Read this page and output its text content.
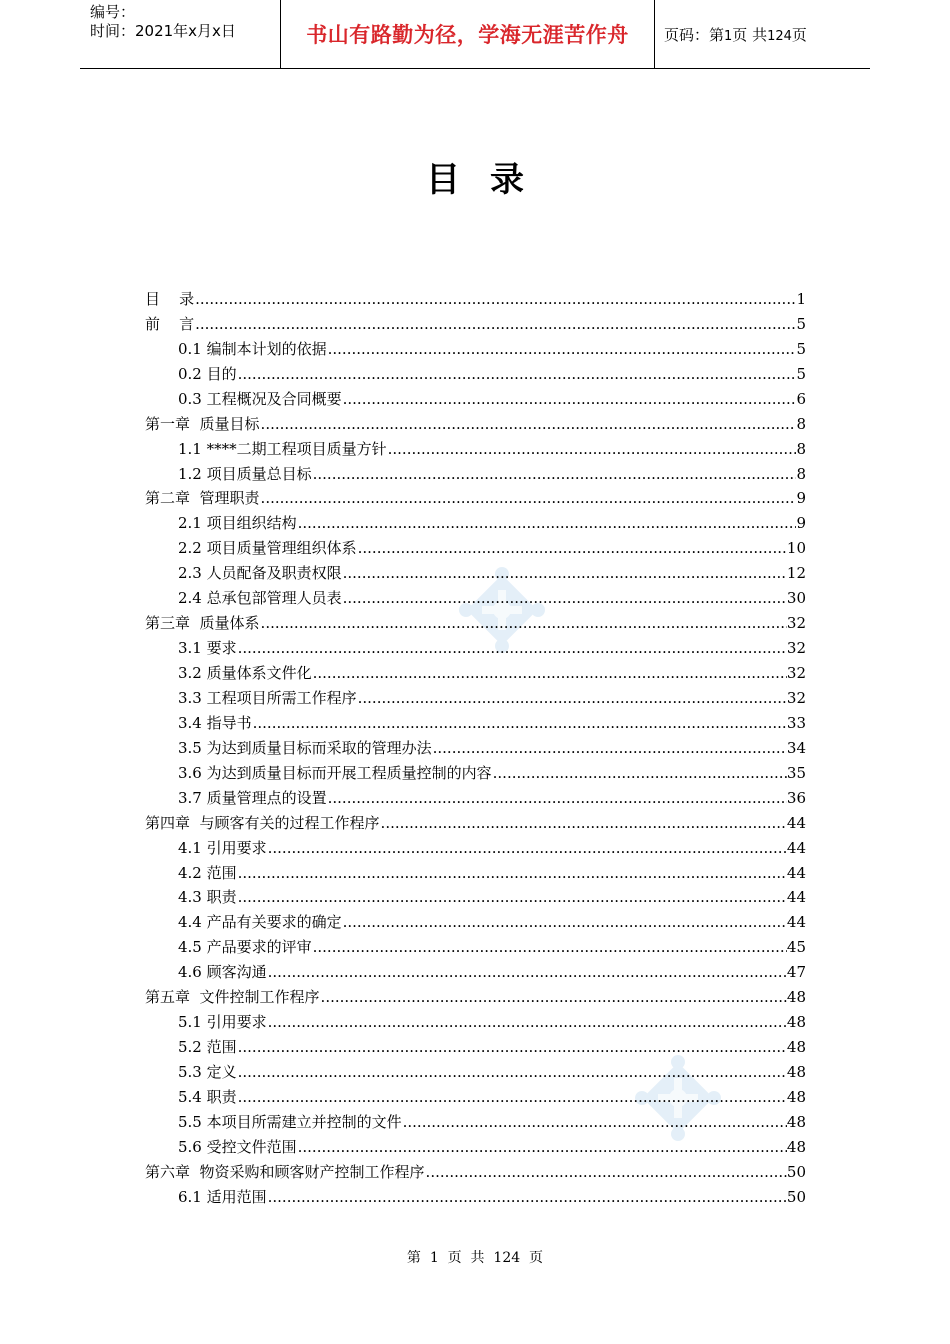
编号：
时间：2021年x月x日	书山有路勤为径，学海无涯苦作舟 页码：第1页 共124页
目录
目    录 .....	1
前    言 .....	5
0.1 编制本计划的依据 .....	5
0.2 目的 .....	5
0.3 工程概况及合同概要 .....	6
第一章  质量目标 .....	8
1.1 ****二期工程项目质量方针 .....	8
1.2 项目质量总目标 .....	8
第二章  管理职责 .....	9
2.1 项目组织结构 .....	9
2.2 项目质量管理组织体系 .....	10
2.3 人员配备及职责权限 .....	12
2.4 总承包部管理人员表 .....	30
第三章  质量体系 .....	32
3.1 要求 .....	32
3.2 质量体系文件化 .....	32
3.3 工程项目所需工作程序 .....	32
3.4 指导书 .....	33
3.5 为达到质量目标而采取的管理办法 .....	34
3.6 为达到质量目标而开展工程质量控制的内容 .....	35
3.7 质量管理点的设置 .....	36
第四章  与顾客有关的过程工作程序 .....	44
4.1 引用要求 .....	44
4.2 范围 .....	44
4.3 职责 .....	44
4.4 产品有关要求的确定 .....	44
4.5 产品要求的评审 .....	45
4.6 顾客沟通 .....	47
第五章  文件控制工作程序 .....	48
5.1 引用要求 .....	48
5.2 范围 .....	48
5.3 定义 .....	48
5.4 职责 .....	48
5.5 本项目所需建立并控制的文件 .....	48
5.6 受控文件范围 .....	48
第六章  物资采购和顾客财产控制工作程序 .....	50
6.1 适用范围 .....	50
第  1  页  共  124  页
